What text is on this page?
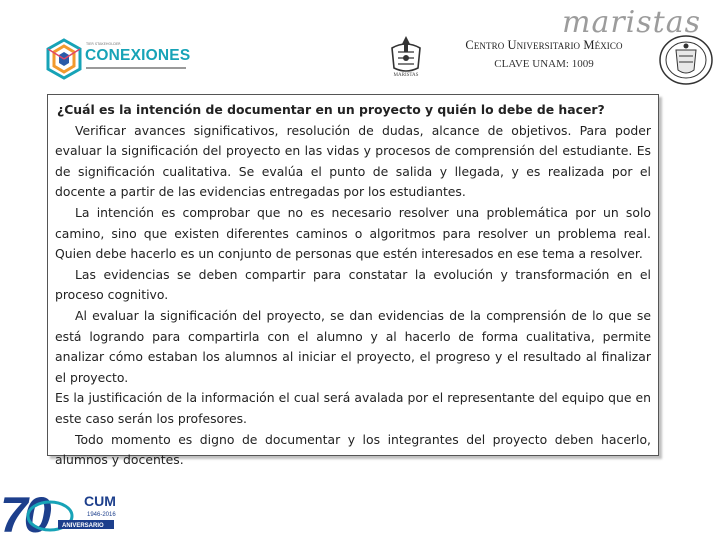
TIER STAKEHOLDER
CONEXIONES
maristas
MARISTAS
Centro Universitario México
CLAVE UNAM: 1009

¿Cuál es la intención de documentar en un proyecto y quién lo debe de hacer?

Verificar avances significativos, resolución de dudas, alcance de objetivos. Para poder evaluar la significación del proyecto en las vidas y procesos de comprensión del estudiante. Es de significación cualitativa. Se evalúa el punto de salida y llegada, y es realizada por el docente a partir de las evidencias entregadas por los estudiantes.

La intención es comprobar que no es necesario resolver una problemática por un solo camino, sino que existen diferentes caminos o algoritmos para resolver un problema real. Quien debe hacerlo es un conjunto de personas que estén interesados en ese tema a resolver.

Las evidencias se deben compartir para constatar la evolución y transformación en el proceso cognitivo.

Al evaluar la significación del proyecto, se dan evidencias de la comprensión de lo que se está logrando para compartirla con el alumno y al hacerlo de forma cualitativa, permite analizar cómo estaban los alumnos al iniciar el proyecto, el progreso y el resultado al finalizar el proyecto.

Es la justificación de la información el cual será avalada por el representante del equipo que en este caso serán los profesores.

Todo momento es digno de documentar y los integrantes del proyecto deben hacerlo, alumnos y docentes.

70	CUM
1946-2016
ANIVERSARIO
